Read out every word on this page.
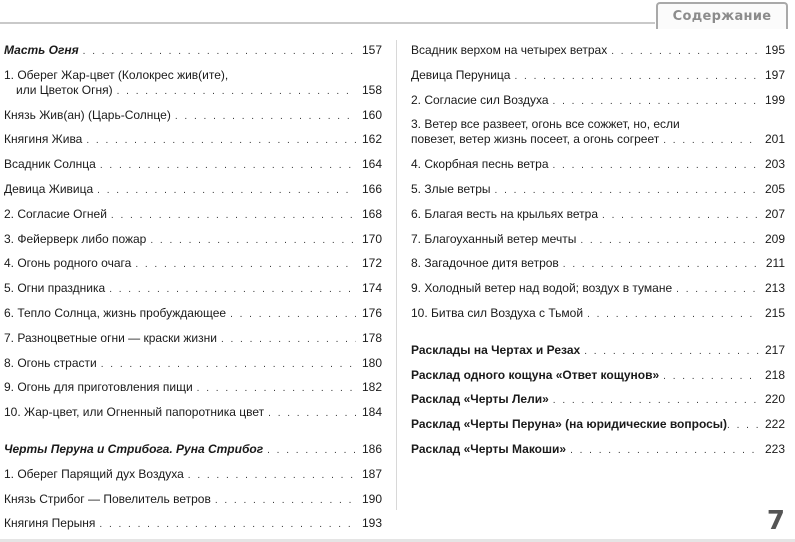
Содержание
Масть Огня . . .	157
1. Оберег Жар-цвет (Колокрес жив(ите),
или Цветок Огня) . . .	158
Князь Жив(ан) (Царь-Солнце) . . .	160
Княгиня Жива . . .	162
Всадник Солнца . . .	164
Девица Живица . . .	166
2. Согласие Огней . . .	168
3. Фейерверк либо пожар . . .	170
4. Огонь родного очага . . .	172
5. Огни праздника . . .	174
6. Тепло Солнца, жизнь пробуждающее . . .	176
7. Разноцветные огни — краски жизни . . .	178
8. Огонь страсти . . .	180
9. Огонь для приготовления пищи . . .	182
10. Жар-цвет, или Огненный папоротника цвет . . .	184
Черты Перуна и Стрибога. Руна Стрибог . . .	186
1. Оберег Парящий дух Воздуха . . .	187
Князь Стрибог — Повелитель ветров . . .	190
Княгиня Перыня . . .	193
Всадник верхом на четырех ветрах . . .	195
Девица Перуница . . .	197
2. Согласие сил Воздуха . . .	199
3. Ветер все развеет, огонь все сожжет, но, если
повезет, ветер жизнь посеет, а огонь согреет . . .	201
4. Скорбная песнь ветра . . .	203
5. Злые ветры . . .	205
6. Благая весть на крыльях ветра . . .	207
7. Благоуханный ветер мечты . . .	209
8. Загадочное дитя ветров . . .	211
9. Холодный ветер над водой; воздух в тумане . . .	213
10. Битва сил Воздуха с Тьмой . . .	215
Расклады на Чертах и Резах . . .	217
Расклад одного кощуна «Ответ кощунов» . . .	218
Расклад «Черты Лели» . . .	220
Расклад «Черты Перуна» (на юридические вопросы) . . .	222
Расклад «Черты Макоши» . . .	223
7
